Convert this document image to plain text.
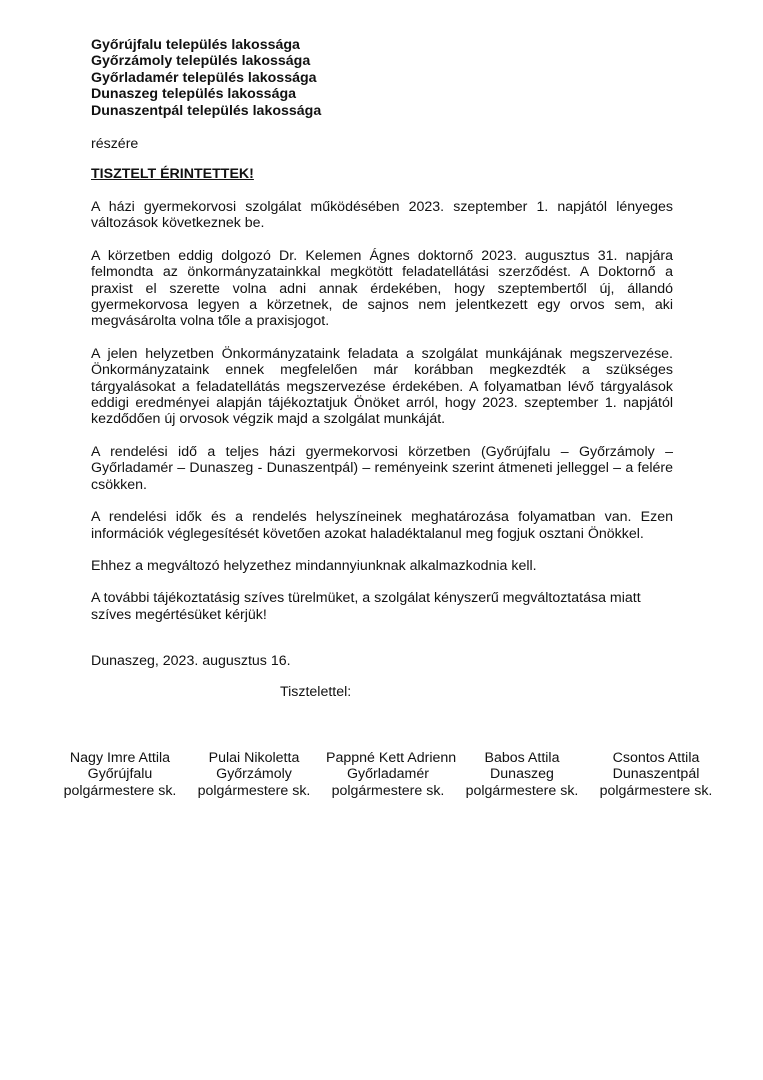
Győrújfalu település lakossága
Győrzámoly település lakossága
Győrladamér település lakossága
Dunaszeg település lakossága
Dunaszentpál település lakossága
részére
TISZTELT ÉRINTETTEK!

A házi gyermekorvosi szolgálat működésében 2023. szeptember 1. napjától lényeges változások következnek be.

A körzetben eddig dolgozó Dr. Kelemen Ágnes doktornő 2023. augusztus 31. napjára felmondta az önkormányzatainkkal megkötött feladatellátási szerződést. A Doktornő a praxist el szerette volna adni annak érdekében, hogy szeptembertől új, állandó gyermekorvosa legyen a körzetnek, de sajnos nem jelentkezett egy orvos sem, aki megvásárolta volna tőle a praxisjogot.

A jelen helyzetben Önkormányzataink feladata a szolgálat munkájának megszervezése. Önkormányzataink ennek megfelelően már korábban megkezdték a szükséges tárgyalásokat a feladatellátás megszervezése érdekében. A folyamatban lévő tárgyalások eddigi eredményei alapján tájékoztatjuk Önöket arról, hogy 2023. szeptember 1. napjától kezdődően új orvosok végzik majd a szolgálat munkáját.

A rendelési idő a teljes házi gyermekorvosi körzetben (Győrújfalu – Győrzámoly – Győrladamér – Dunaszeg - Dunaszentpál) – reményeink szerint átmeneti jelleggel – a felére csökken.

A rendelési idők és a rendelés helyszíneinek meghatározása folyamatban van. Ezen információk véglegesítését követően azokat haladéktalanul meg fogjuk osztani Önökkel.

Ehhez a megváltozó helyzethez mindannyiunknak alkalmazkodnia kell.

A további tájékoztatásig szíves türelmüket, a szolgálat kényszerű megváltoztatása miatt szíves megértésüket kérjük!

Dunaszeg, 2023. augusztus 16.
Tisztelettel:
Nagy Imre Attila
Győrújfalu
polgármestere sk.
Pulai Nikoletta
Győrzámoly
polgármestere sk.
Pappné Kett Adrienn
Győrladamér
polgármestere sk.
Babos Attila
Dunaszeg
polgármestere sk.
Csontos Attila
Dunaszentpál
polgármestere sk.
